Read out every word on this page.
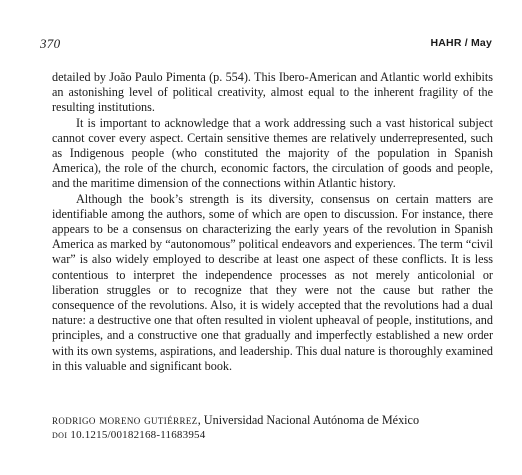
370	HAHR / May

detailed by João Paulo Pimenta (p. 554). This Ibero-American and Atlantic world exhibits an astonishing level of political creativity, almost equal to the inherent fragility of the resulting institutions.

It is important to acknowledge that a work addressing such a vast historical subject cannot cover every aspect. Certain sensitive themes are relatively underrepresented, such as Indigenous people (who constituted the majority of the population in Spanish America), the role of the church, economic factors, the circulation of goods and people, and the maritime dimension of the connections within Atlantic history.

Although the book’s strength is its diversity, consensus on certain matters are identifiable among the authors, some of which are open to discussion. For instance, there appears to be a consensus on characterizing the early years of the revolution in Spanish America as marked by “autonomous” political endeavors and experiences. The term “civil war” is also widely employed to describe at least one aspect of these conflicts. It is less contentious to interpret the independence processes as not merely anticolonial or liberation struggles or to recognize that they were not the cause but rather the consequence of the revolutions. Also, it is widely accepted that the revolutions had a dual nature: a destructive one that often resulted in violent upheaval of people, institutions, and principles, and a constructive one that gradually and imperfectly established a new order with its own systems, aspirations, and leadership. This dual nature is thoroughly examined in this valuable and significant book.

rodrigo moreno gutiérrez, Universidad Nacional Autónoma de México
doi 10.1215/00182168-11683954
